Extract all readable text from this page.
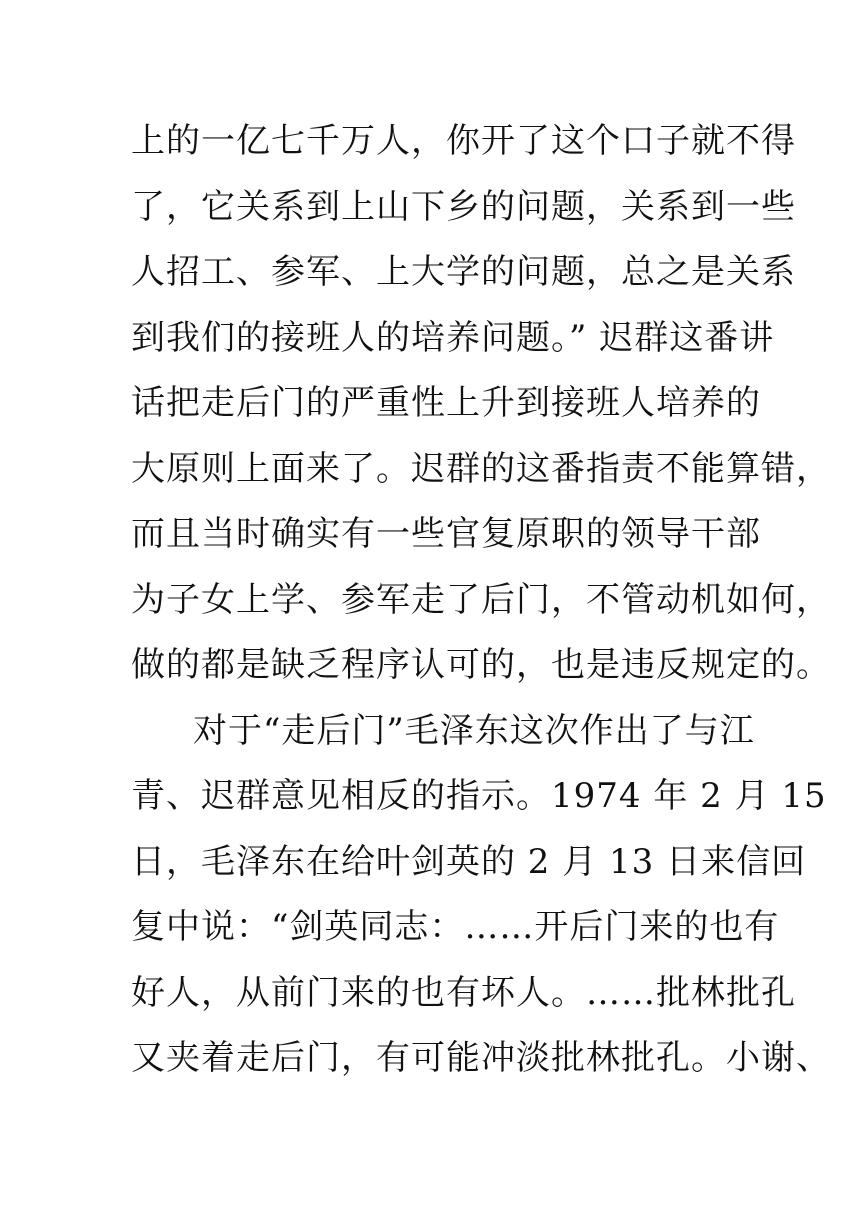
上的一亿七千万人，你开了这个口子就不得
了，它关系到上山下乡的问题，关系到一些
人招工、参军、上大学的问题，总之是关系
到我们的接班人的培养问题。” 迟群这番讲
话把走后门的严重性上升到接班人培养的
大原则上面来了。迟群的这番指责不能算错，
而且当时确实有一些官复原职的领导干部
为子女上学、参军走了后门，不管动机如何，
做的都是缺乏程序认可的，也是违反规定的。
对于“走后门”毛泽东这次作出了与江
青、迟群意见相反的指示。1974 年 2 月 15
日，毛泽东在给叶剑英的 2 月 13 日来信回
复中说：“剑英同志：……开后门来的也有
好人，从前门来的也有坏人。……批林批孔
又夹着走后门，有可能冲淡批林批孔。小谢、
